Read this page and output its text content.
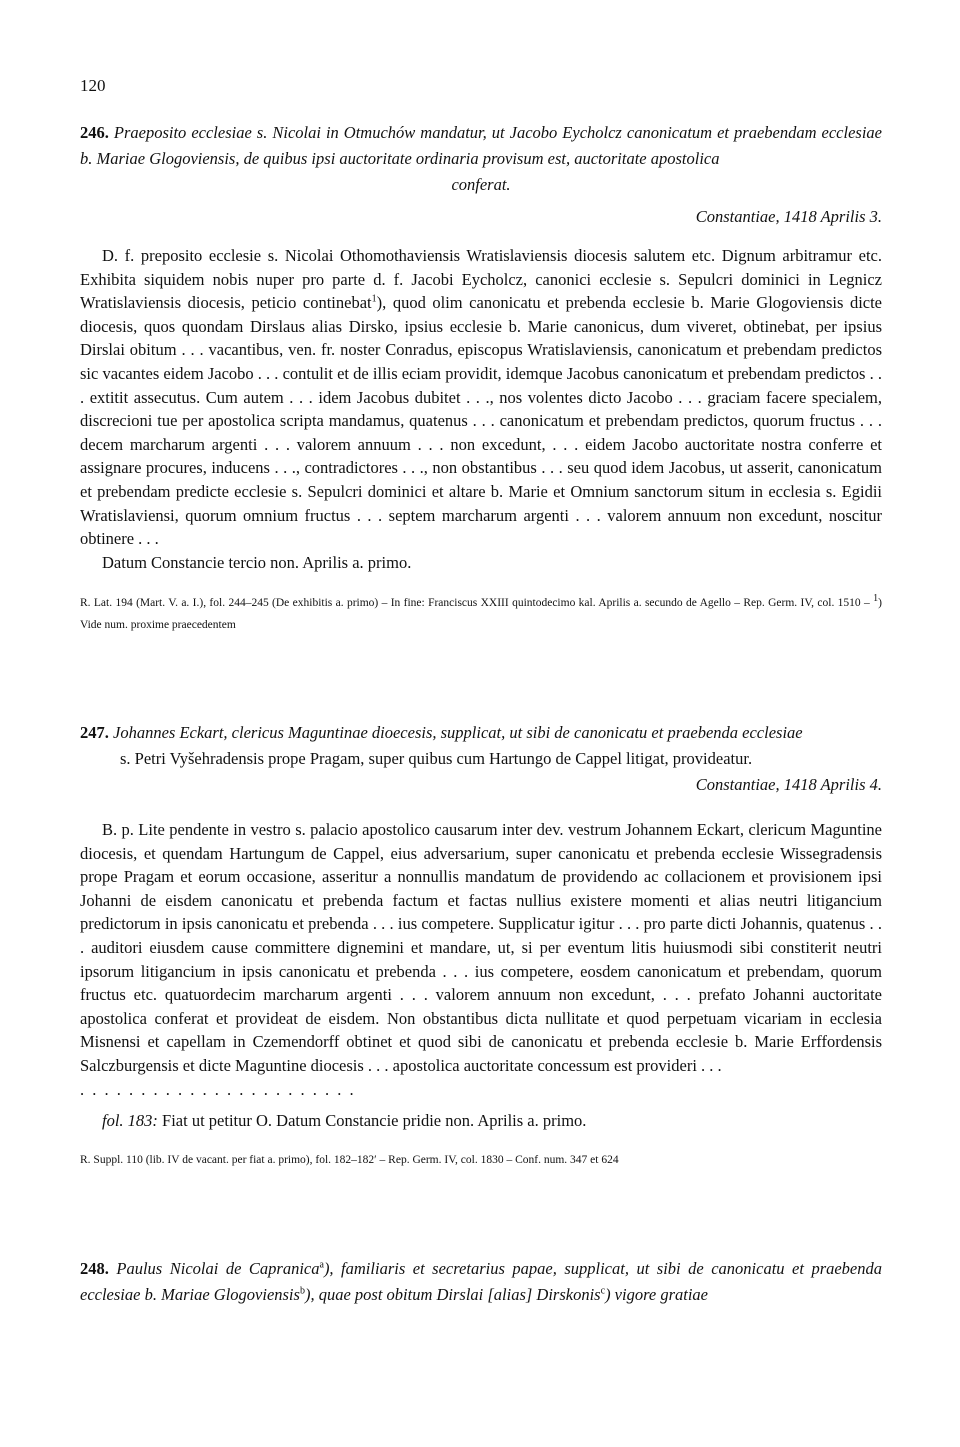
120
246. Praeposito ecclesiae s. Nicolai in Otmuchów mandatur, ut Jacobo Eycholcz canonicatum et praebendam ecclesiae b. Mariae Glogoviensis, de quibus ipsi auctoritate ordinaria provisum est, auctoritate apostolica
conferat.
Constantiae, 1418 Aprilis 3.

D. f. preposito ecclesie s. Nicolai Othomothaviensis Wratislaviensis diocesis salutem etc. Dignum arbitramur etc. Exhibita siquidem nobis nuper pro parte d. f. Jacobi Eycholcz, canonici ecclesie s. Sepulcri dominici in Legnicz Wratislaviensis diocesis, peticio continebat$^1$), quod olim canonicatu et prebenda ecclesie b. Marie Glogoviensis dicte diocesis, quos quondam Dirslaus alias Dirsko, ipsius ecclesie b. Marie canonicus, dum viveret, obtinebat, per ipsius Dirslai obitum . . . vacantibus, ven. fr. noster Conradus, episcopus Wratislaviensis, canonicatum et prebendam predictos sic vacantes eidem Jacobo . . . contulit et de illis eciam providit, idemque Jacobus canonicatum et prebendam predictos . . . extitit assecutus. Cum autem . . . idem Jacobus dubitet . . ., nos volentes dicto Jacobo . . . graciam facere specialem, discrecioni tue per apostolica scripta mandamus, quatenus . . . canonicatum et prebendam predictos, quorum fructus . . . decem marcharum argenti . . . valorem annuum . . . non excedunt, . . . eidem Jacobo auctoritate nostra conferre et assignare procures, inducens . . ., contradictores . . ., non obstantibus . . . seu quod idem Jacobus, ut asserit, canonicatum et prebendam predicte ecclesie s. Sepulcri dominici et altare b. Marie et Omnium sanctorum situm in ecclesia s. Egidii Wratislaviensi, quorum omnium fructus . . . septem marcharum argenti . . . valorem annuum non excedunt, noscitur obtinere . . .

Datum Constancie tercio non. Aprilis a. primo.

R. Lat. 194 (Mart. V. a. I.), fol. 244–245 (De exhibitis a. primo) – In fine: Franciscus XXIII quintodecimo kal. Aprilis a. secundo de Agello – Rep. Germ. IV, col. 1510 – $^1$) Vide num. proxime praecedentem
247. Johannes Eckart, clericus Maguntinae dioecesis, supplicat, ut sibi de canonicatu et praebenda ecclesiae
s. Petri Vyšehradensis prope Pragam, super quibus cum Hartungo de Cappel litigat, provideatur.
Constantiae, 1418 Aprilis 4.

B. p. Lite pendente in vestro s. palacio apostolico causarum inter dev. vestrum Johannem Eckart, clericum Maguntine diocesis, et quendam Hartungum de Cappel, eius adversarium, super canonicatu et prebenda ecclesie Wissegradensis prope Pragam et eorum occasione, asseritur a nonnullis mandatum de providendo ac collacionem et provisionem ipsi Johanni de eisdem canonicatu et prebenda factum et factas nullius existere momenti et alias neutri litigancium predictorum in ipsis canonicatu et prebenda . . . ius competere. Supplicatur igitur . . . pro parte dicti Johannis, quatenus . . . auditori eiusdem cause committere dignemini et mandare, ut, si per eventum litis huiusmodi sibi constiterit neutri ipsorum litigancium in ipsis canonicatu et prebenda . . . ius competere, eosdem canonicatum et prebendam, quorum fructus etc. quatuordecim marcharum argenti . . . valorem annuum non excedunt, . . . prefato Johanni auctoritate apostolica conferat et provideat de eisdem. Non obstantibus dicta nullitate et quod perpetuam vicariam in ecclesia Misnensi et capellam in Czemendorff obtinet et quod sibi de canonicatu et prebenda ecclesie b. Marie Erffordensis Salczburgensis et dicte Maguntine diocesis . . . apostolica auctoritate concessum est provideri . . .

. . . . . . . . . . . . . . . . . . . . . . .

fol. 183: Fiat ut petitur O. Datum Constancie pridie non. Aprilis a. primo.

R. Suppl. 110 (lib. IV de vacant. per fiat a. primo), fol. 182–182′ – Rep. Germ. IV, col. 1830 – Conf. num. 347 et 624
248. Paulus Nicolai de Capranica$^a$), familiaris et secretarius papae, supplicat, ut sibi de canonicatu et praebenda ecclesiae b. Mariae Glogoviensis$^b$), quae post obitum Dirslai [alias] Dirskonis$^c$) vigore gratiae
